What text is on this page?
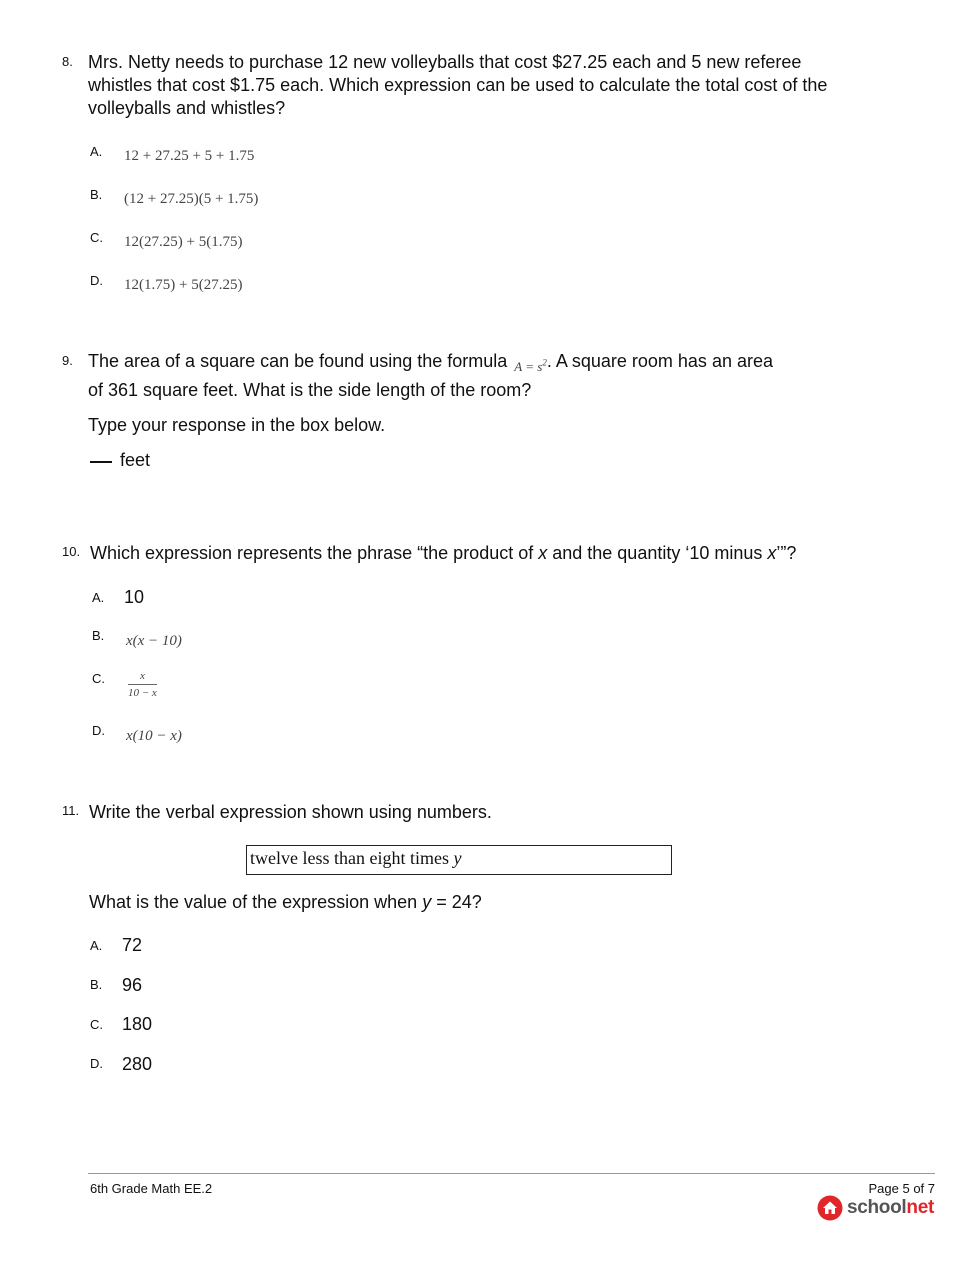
8. Mrs. Netty needs to purchase 12 new volleyballs that cost $27.25 each and 5 new referee whistles that cost $1.75 each. Which expression can be used to calculate the total cost of the volleyballs and whistles?
A. 12 + 27.25 + 5 + 1.75
B. (12 + 27.25)(5 + 1.75)
C. 12(27.25) + 5(1.75)
D. 12(1.75) + 5(27.25)
9. The area of a square can be found using the formula $_{A = s^2}$. A square room has an area
of 361 square feet. What is the side length of the room?
Type your response in the box below.
feet
10. Which expression represents the phrase “the product of x and the quantity ‘10 minus x’”?
A. 10
B. x(x − 10)
C. $\frac{x}{10 - x}$
D. x(10 − x)
11. Write the verbal expression shown using numbers.
twelve less than eight times y
What is the value of the expression when y = 24?
A. 72
B. 96
C. 180
D. 280
6th Grade Math EE.2	Page 5 of 7
schoolnet
